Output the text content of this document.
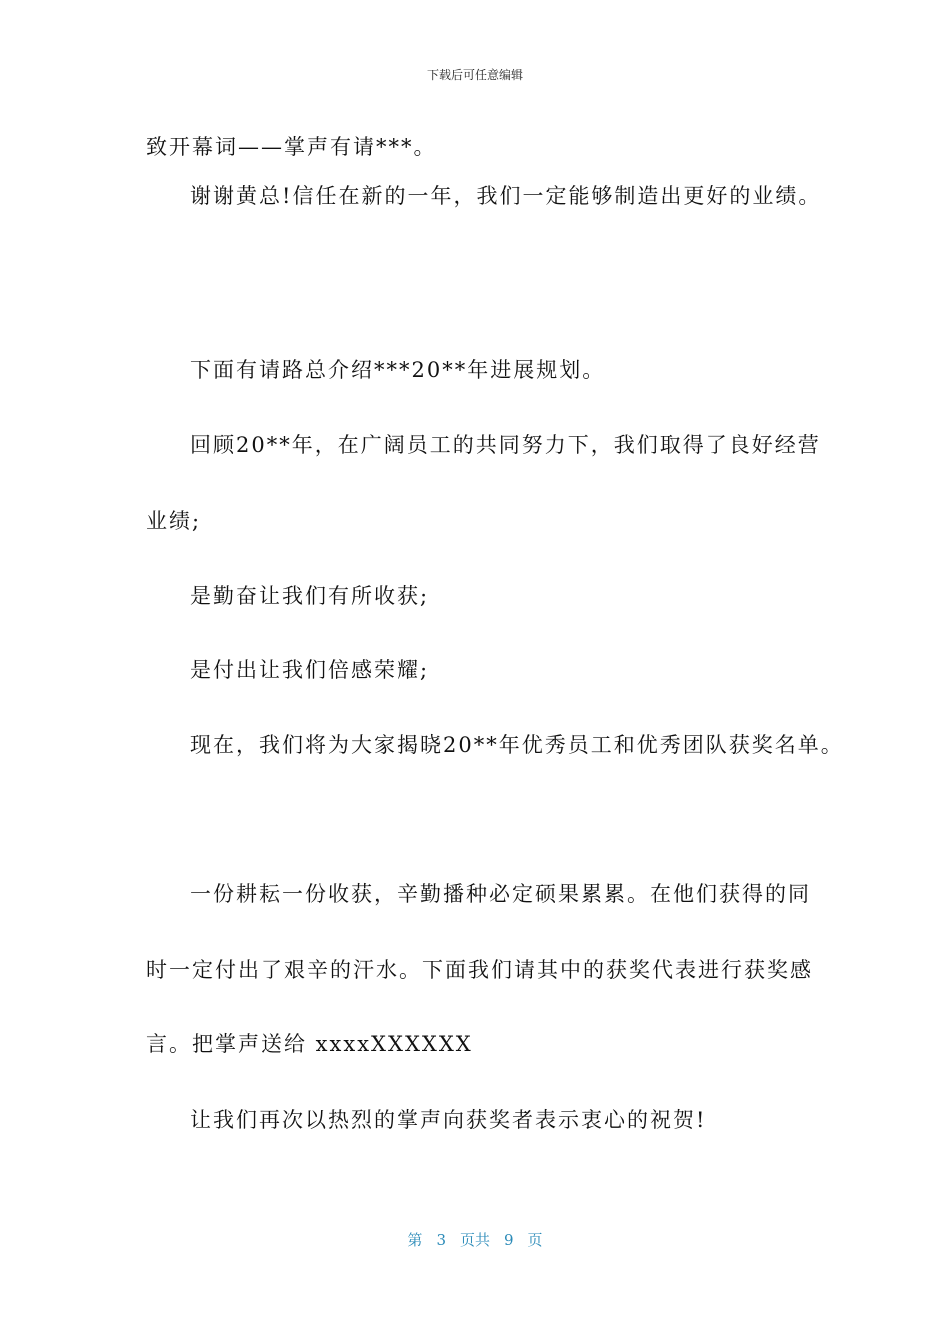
下载后可任意编辑
致开幕词——掌声有请***。
谢谢黄总!信任在新的一年，我们一定能够制造出更好的业绩。
下面有请路总介绍***20**年进展规划。
回顾20**年，在广阔员工的共同努力下，我们取得了良好经营
业绩;
是勤奋让我们有所收获;
是付出让我们倍感荣耀;
现在，我们将为大家揭晓20**年优秀员工和优秀团队获奖名单。
一份耕耘一份收获，辛勤播种必定硕果累累。在他们获得的同
时一定付出了艰辛的汗水。下面我们请其中的获奖代表进行获奖感
言。把掌声送给 xxxxXXXXXX
让我们再次以热烈的掌声向获奖者表示衷心的祝贺!
第 3 页共 9 页
